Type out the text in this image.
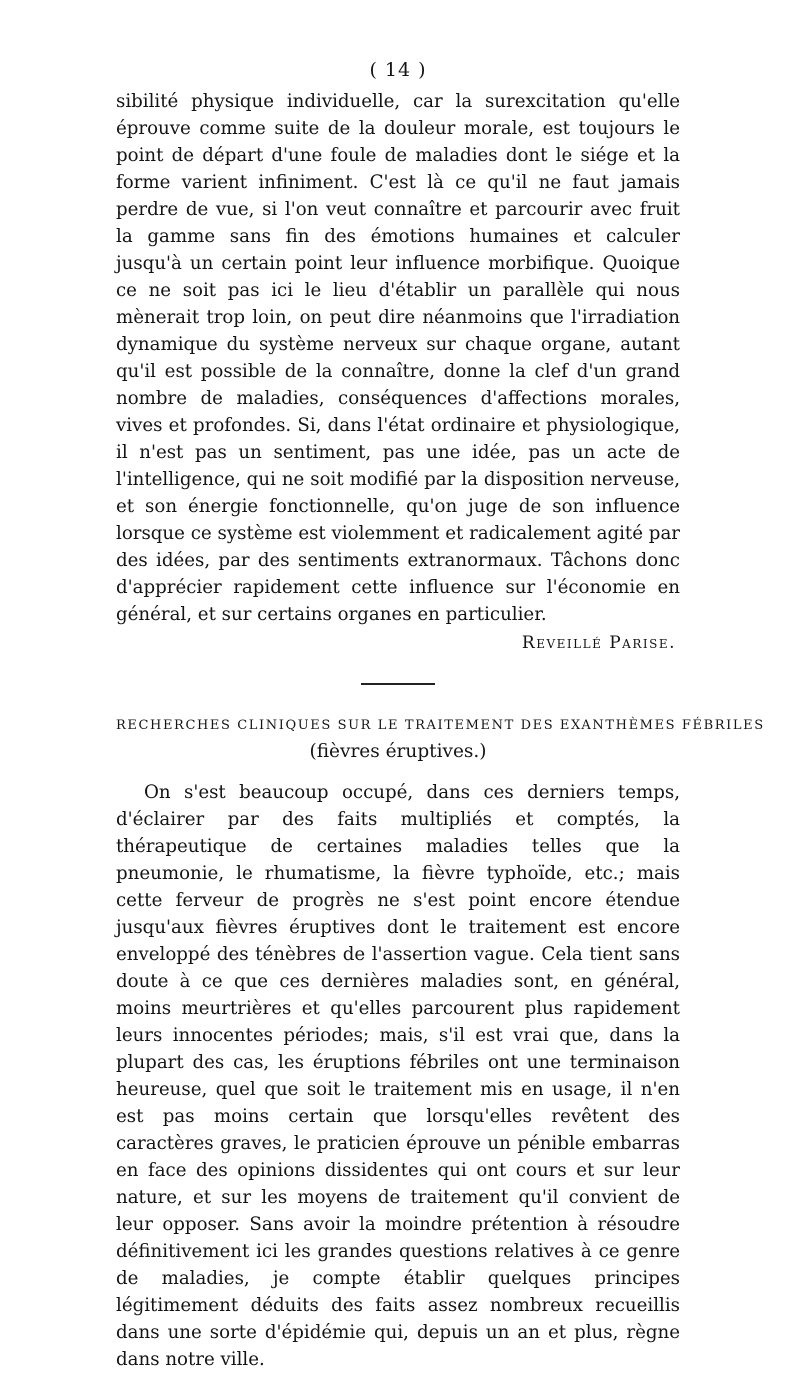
( 14 )

sibilité physique individuelle, car la surexcitation qu'elle éprouve comme suite de la douleur morale, est toujours le point de départ d'une foule de maladies dont le siége et la forme varient infiniment. C'est là ce qu'il ne faut jamais perdre de vue, si l'on veut connaître et parcourir avec fruit la gamme sans fin des émotions humaines et calculer jusqu'à un certain point leur influence morbifique. Quoique ce ne soit pas ici le lieu d'établir un parallèle qui nous mènerait trop loin, on peut dire néanmoins que l'irradiation dynamique du système nerveux sur chaque organe, autant qu'il est possible de la connaître, donne la clef d'un grand nombre de maladies, conséquences d'affections morales, vives et profondes. Si, dans l'état ordinaire et physiologique, il n'est pas un sentiment, pas une idée, pas un acte de l'intelligence, qui ne soit modifié par la disposition nerveuse, et son énergie fonctionnelle, qu'on juge de son influence lorsque ce système est violemment et radicalement agité par des idées, par des sentiments extranormaux. Tâchons donc d'apprécier rapidement cette influence sur l'économie en général, et sur certains organes en particulier.

Reveillé Parise.
RECHERCHES CLINIQUES SUR LE TRAITEMENT DES EXANTHÈMES FÉBRILES
(fièvres éruptives.)

On s'est beaucoup occupé, dans ces derniers temps, d'éclairer par des faits multipliés et comptés, la thérapeutique de certaines maladies telles que la pneumonie, le rhumatisme, la fièvre typhoïde, etc.; mais cette ferveur de progrès ne s'est point encore étendue jusqu'aux fièvres éruptives dont le traitement est encore enveloppé des ténèbres de l'assertion vague. Cela tient sans doute à ce que ces dernières maladies sont, en général, moins meurtrières et qu'elles parcourent plus rapidement leurs innocentes périodes; mais, s'il est vrai que, dans la plupart des cas, les éruptions fébriles ont une terminaison heureuse, quel que soit le traitement mis en usage, il n'en est pas moins certain que lorsqu'elles revêtent des caractères graves, le praticien éprouve un pénible embarras en face des opinions dissidentes qui ont cours et sur leur nature, et sur les moyens de traitement qu'il convient de leur opposer. Sans avoir la moindre prétention à résoudre définitivement ici les grandes questions relatives à ce genre de maladies, je compte établir quelques principes légitimement déduits des faits assez nombreux recueillis dans une sorte d'épidémie qui, depuis un an et plus, règne dans notre ville.
